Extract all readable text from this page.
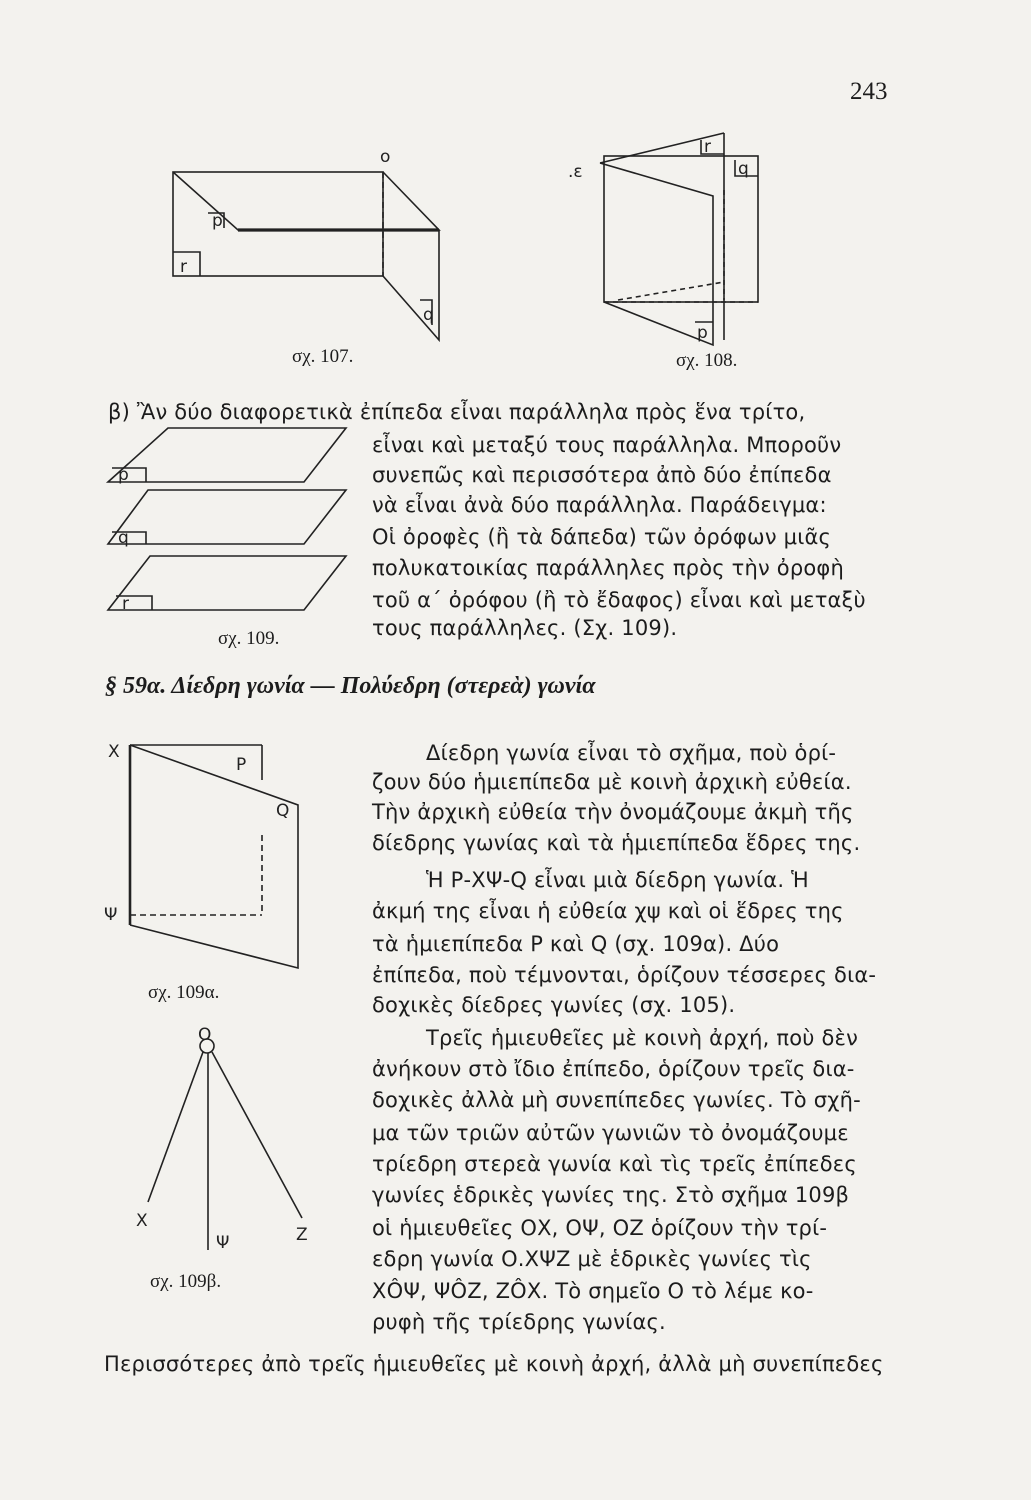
243
o
p
r
q
σχ. 107.
.ε
r
q
p
σχ. 108.
p
q
r
σχ. 109.
β) Ἂν δύο διαφορετικὰ ἐπίπεδα εἶναι παράλληλα πρὸς ἕνα τρίτο,
εἶναι καὶ μεταξύ τους παράλληλα. Μποροῦν
συνεπῶς καὶ περισσότερα ἀπὸ δύο ἐπίπεδα
νὰ εἶναι ἀνὰ δύο παράλληλα. Παράδειγμα:
Οἱ ὀροφὲς (ἢ τὰ δάπεδα) τῶν ὀρόφων μιᾶς
πολυκατοικίας παράλληλες πρὸς τὴν ὀροφὴ
τοῦ α΄ ὀρόφου (ἢ τὸ ἔδαφος) εἶναι καὶ μεταξὺ
τους παράλληλες. (Σχ. 109).
§ 59α. Δίεδρη γωνία — Πολύεδρη (στερεὰ) γωνία
X
P
Q
Ψ
σχ. 109α.
Δίεδρη γωνία εἶναι τὸ σχῆμα, ποὺ ὁρί-
ζουν δύο ἡμιεπίπεδα μὲ κοινὴ ἀρχικὴ εὐθεία.
Τὴν ἀρχικὴ εὐθεία τὴν ὀνομάζουμε ἀκμὴ τῆς
δίεδρης γωνίας καὶ τὰ ἡμιεπίπεδα ἕδρες της.
Ἡ Ρ-ΧΨ-Q εἶναι μιὰ δίεδρη γωνία. Ἡ
ἀκμή της εἶναι ἡ εὐθεία χψ καὶ οἱ ἕδρες της
τὰ ἡμιεπίπεδα Ρ καὶ Q (σχ. 109α). Δύο
ἐπίπεδα, ποὺ τέμνονται, ὁρίζουν τέσσερες δια-
δοχικὲς δίεδρες γωνίες (σχ. 105).
O
X
Ψ	Z
σχ. 109β.
Τρεῖς ἡμιευθεῖες μὲ κοινὴ ἀρχή, ποὺ δὲν
ἀνήκουν στὸ ἴδιο ἐπίπεδο, ὁρίζουν τρεῖς δια-
δοχικὲς ἀλλὰ μὴ συνεπίπεδες γωνίες. Τὸ σχῆ-
μα τῶν τριῶν αὐτῶν γωνιῶν τὸ ὀνομάζουμε
τρίεδρη στερεὰ γωνία καὶ τὶς τρεῖς ἐπίπεδες
γωνίες ἑδρικὲς γωνίες της. Στὸ σχῆμα 109β
οἱ ἡμιευθεῖες ΟΧ, ΟΨ, ΟΖ ὁρίζουν τὴν τρί-
εδρη γωνία Ο.ΧΨΖ μὲ ἑδρικὲς γωνίες τὶς
ΧÔΨ, ΨÔΖ, ΖÔΧ. Τὸ σημεῖο Ο τὸ λέμε κο-
ρυφὴ τῆς τρίεδρης γωνίας.
Περισσότερες ἀπὸ τρεῖς ἡμιευθεῖες μὲ κοινὴ ἀρχή, ἀλλὰ μὴ συνεπίπεδες
